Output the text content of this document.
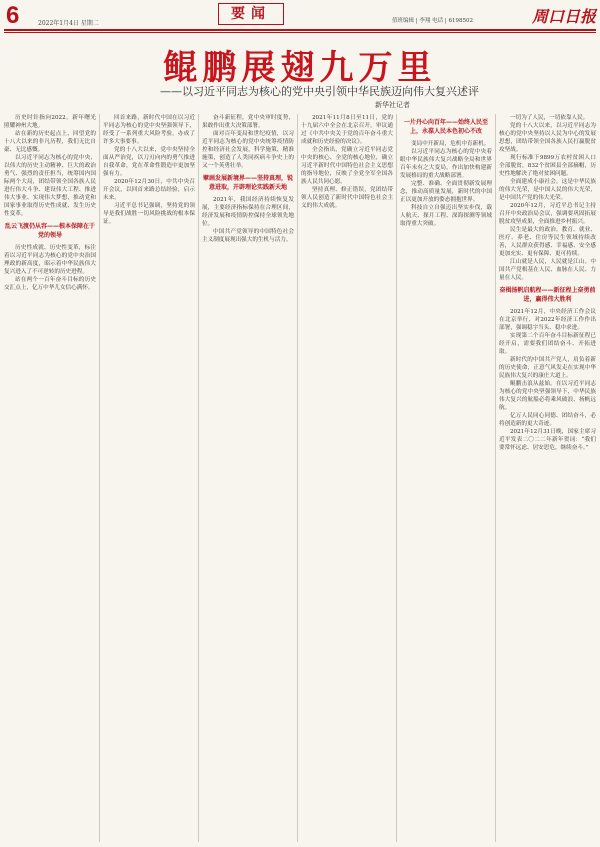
6	2022年1月4日 星期二
要闻	值班编辑 | 李翔 电话 | 6198502	周口日报
鲲鹏展翅九万里
——以习近平同志为核心的党中央引领中华民族迈向伟大复兴述评
新华社记者

历史时针指向2022，新年曙光照耀神州大地。

站在新的历史起点上，回望党的十八大以来的非凡历程，我们无比自豪、无比感慨。

以习近平同志为核心的党中央，以伟大的历史主动精神、巨大的政治勇气、强烈的责任担当，统筹国内国际两个大局，团结带领全国各族人民进行伟大斗争、建设伟大工程、推进伟大事业、实现伟大梦想，推动党和国家事业取得历史性成就、发生历史性变革。

乱云飞渡仍从容——根本保障在于党的领导

历史性成就、历史性变革，标注着以习近平同志为核心的党中央治国理政的新高度，昭示着中华民族伟大复兴进入了不可逆转的历史进程。

站在两个一百年奋斗目标的历史交汇点上，亿万中华儿女信心满怀。

回首来路，新时代中国在以习近平同志为核心的党中央坚强领导下，经受了一系列重大风险考验，办成了许多大事要事。

党的十八大以来，党中央坚持全面从严治党，以刀刃向内的勇气推进自我革命，党在革命性锻造中更加坚强有力。

2020年12月30日，中共中央召开会议，以回首来路总结经验，启示未来。

习近平总书记强调，坚持党的领导是我们战胜一切风险挑战的根本保证。

奋斗新征程，党中央审时度势，果敢作出重大决策部署。

面对百年变局和世纪疫情，以习近平同志为核心的党中央统筹疫情防控和经济社会发展，科学施策，精准施策，创造了人类同疾病斗争史上的又一个英勇壮举。

擘画发展新境界——坚持真理，锐意进取，开辟理论实践新天地

2021年，我国经济持续恢复发展，主要经济指标保持在合理区间，经济发展和疫情防控保持全球领先地位。

中国共产党领导的中国特色社会主义制度展现出强大的生机与活力。

2021年11月8日至11日，党的十九届六中全会在北京召开，审议通过《中共中央关于党的百年奋斗重大成就和历史经验的决议》。

全会指出，党确立习近平同志党中央的核心、全党的核心地位，确立习近平新时代中国特色社会主义思想的指导地位，反映了全党全军全国各族人民共同心愿。

坚持真理、修正错误，党团结带领人民创造了新时代中国特色社会主义的伟大成就。

一片丹心向百年——始终人民至上，永葆人民本色初心不改

变局中开新局，危机中育新机。

以习近平同志为核心的党中央着眼中华民族伟大复兴战略全局和世界百年未有之大变局，作出加快构建新发展格局的重大战略部署。

完整、准确、全面贯彻新发展理念，推动高质量发展，新时代的中国正以更加开放的姿态拥抱世界。

科技自立自强迈出坚实步伐，载人航天、探月工程、深海探测等领域取得重大突破。

一切为了人民，一切依靠人民。

党的十八大以来，以习近平同志为核心的党中央坚持以人民为中心的发展思想，团结带领全国各族人民打赢脱贫攻坚战。

现行标准下9899万农村贫困人口全部脱贫，832个贫困县全部摘帽，历史性地解决了绝对贫困问题。

全面建成小康社会，这是中华民族的伟大光荣，是中国人民的伟大光荣，是中国共产党的伟大光荣。

2020年12月，习近平总书记主持召开中央政治局会议，强调要巩固拓展脱贫攻坚成果，全面推进乡村振兴。

民生是最大的政治。教育、就业、医疗、养老、住房等民生领域持续改善，人民群众获得感、幸福感、安全感更加充实、更有保障、更可持续。

江山就是人民，人民就是江山。中国共产党根基在人民、血脉在人民、力量在人民。

奋楫扬帆启航程——新征程上奋勇前进，赢得伟大胜利

2021年12月，中央经济工作会议在北京举行，对2022年经济工作作出部署，强调稳字当头、稳中求进。

实现第二个百年奋斗目标新征程已经开启，需要我们团结奋斗、开拓进取。

新时代的中国共产党人，肩负着新的历史使命，正意气风发走在实现中华民族伟大复兴的康庄大道上。

鲲鹏击浪从兹始。在以习近平同志为核心的党中央坚强领导下，中华民族伟大复兴的航船必将乘风破浪、扬帆远航。

亿万人民同心同德、团结奋斗，必将创造新的更大奇迹。

2021年12月31日晚，国家主席习近平发表二〇二二年新年贺词：“我们要常怀远虑、居安思危，继续奋斗。”
